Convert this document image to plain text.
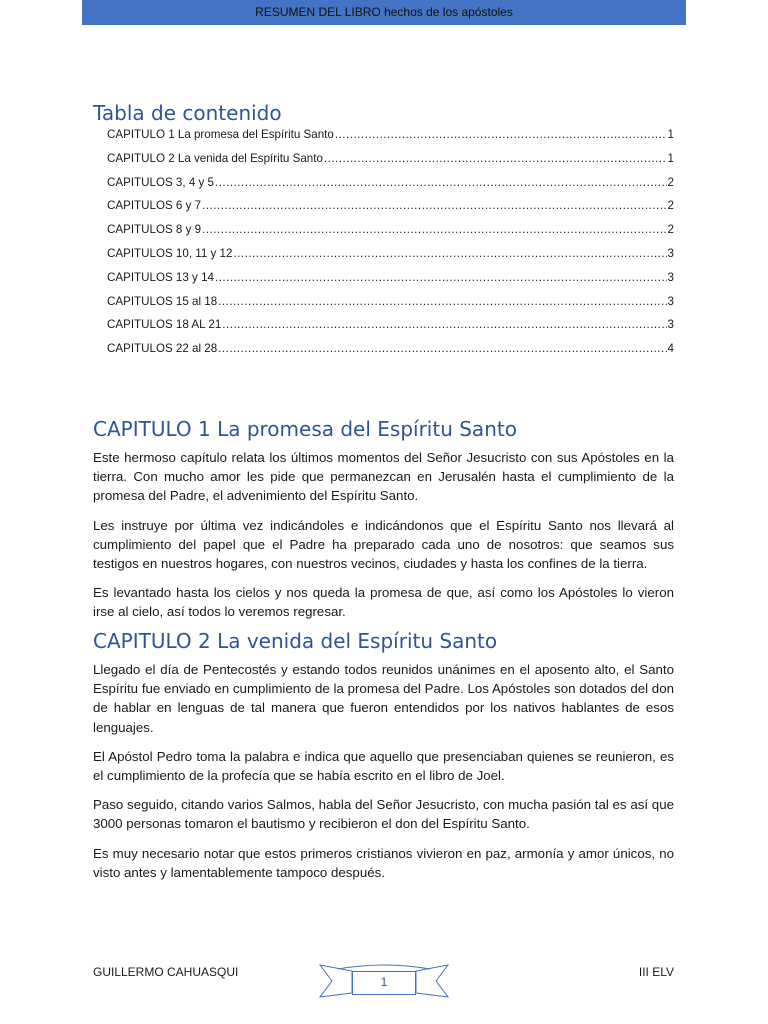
RESUMEN DEL LIBRO hechos de los apóstoles
Tabla de contenido
CAPITULO 1 La promesa del Espíritu Santo .....	1
CAPITULO 2 La venida del Espíritu Santo .....	1
CAPITULOS 3, 4 y 5 .....	2
CAPITULOS 6 y 7 .....	2
CAPITULOS 8 y 9 .....	2
CAPITULOS 10, 11 y 12 .....	3
CAPITULOS 13 y 14 .....	3
CAPITULOS 15 al 18 .....	3
CAPITULOS 18 AL 21 .....	3
CAPITULOS 22 al 28 .....	4
CAPITULO 1 La promesa del Espíritu Santo

Este hermoso capítulo relata los últimos momentos del Señor Jesucristo con sus Apóstoles en la tierra. Con mucho amor les pide que permanezcan en Jerusalén hasta el cumplimiento de la promesa del Padre, el advenimiento del Espíritu Santo.

Les instruye por última vez indicándoles e indicándonos que el Espíritu Santo nos llevará al cumplimiento del papel que el Padre ha preparado cada uno de nosotros: que seamos sus testigos en nuestros hogares, con nuestros vecinos, ciudades y hasta los confines de la tierra.

Es levantado hasta los cielos y nos queda la promesa de que, así como los Apóstoles lo vieron irse al cielo, así todos lo veremos regresar.

CAPITULO 2 La venida del Espíritu Santo

Llegado el día de Pentecostés y estando todos reunidos unánimes en el aposento alto, el Santo Espíritu fue enviado en cumplimiento de la promesa del Padre. Los Apóstoles son dotados del don de hablar en lenguas de tal manera que fueron entendidos por los nativos hablantes de esos lenguajes.

El Apóstol Pedro toma la palabra e indica que aquello que presenciaban quienes se reunieron, es el cumplimiento de la profecía que se había escrito en el libro de Joel.

Paso seguido, citando varios Salmos, habla del Señor Jesucristo, con mucha pasión tal es así que 3000 personas tomaron el bautismo y recibieron el don del Espíritu Santo.

Es muy necesario notar que estos primeros cristianos vivieron en paz, armonía y amor únicos, no visto antes y lamentablemente tampoco después.

GUILLERMO CAHUASQUI
1
III ELV
